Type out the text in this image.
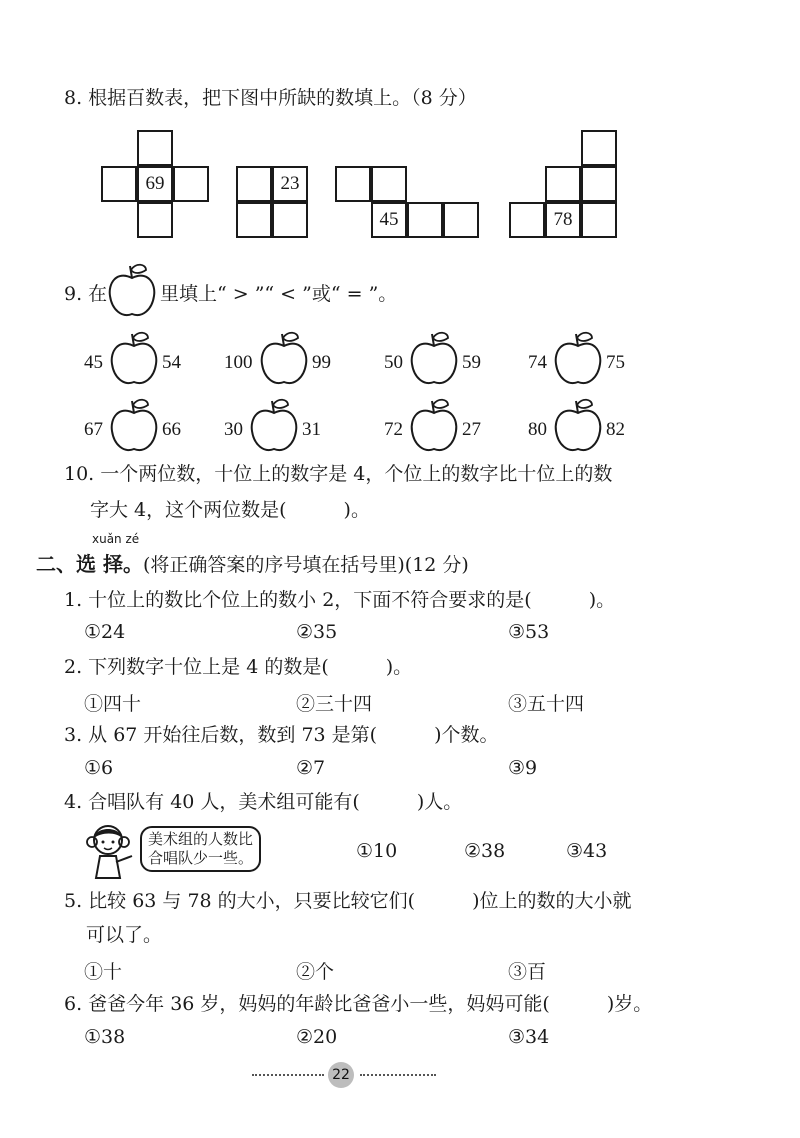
8. 根据百数表，把下图中所缺的数填上。（8 分）
69	23
45	78
9. 在	里填上“ > ”“ < ”或“ = ”。
45	54 100	99	50	59 74	75
67	66 30	31	72	27 80	82
10. 一个两位数，十位上的数字是 4，个位上的数字比十位上的数
字大 4，这个两位数是(　　　)。
xuǎn zé
二、选 择。(将正确答案的序号填在括号里)(12 分)
1. 十位上的数比个位上的数小 2，下面不符合要求的是(　　　)。
①24	②35	③53
2. 下列数字十位上是 4 的数是(　　　)。
①四十	②三十四	③五十四
3. 从 67 开始往后数，数到 73 是第(　　　)个数。
①6	②7	③9
4. 合唱队有 40 人，美术组可能有(　　　)人。
美术组的人数比
合唱队少一些。	①10	②38	③43
5. 比较 63 与 78 的大小，只要比较它们(　　　)位上的数的大小就
可以了。
①十	②个	③百
6. 爸爸今年 36 岁，妈妈的年龄比爸爸小一些，妈妈可能(　　　)岁。
①38	②20	③34
22
